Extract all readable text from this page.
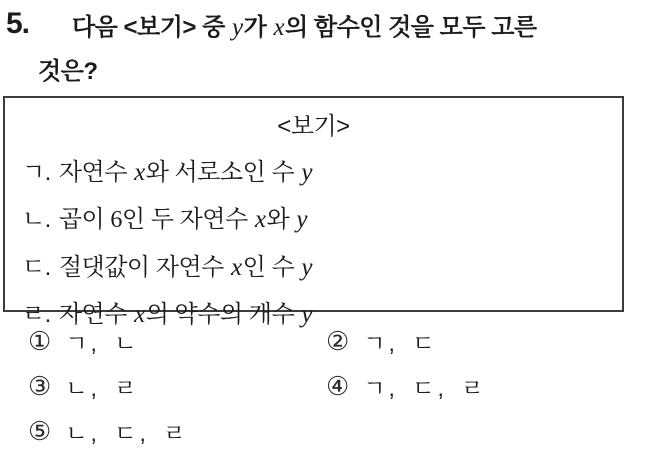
5.	다음 <보기> 중 y가 x의 함수인 것을 모두 고른
것은?
<보기>
ㄱ. 자연수 x와 서로소인 수 y
ㄴ. 곱이 6인 두 자연수 x와 y
ㄷ. 절댓값이 자연수 x인 수 y
ㄹ. 자연수 x의 약수의 개수 y
① ㄱ, ㄴ	② ㄱ, ㄷ
③ ㄴ, ㄹ	④ ㄱ, ㄷ, ㄹ
⑤ ㄴ, ㄷ, ㄹ
